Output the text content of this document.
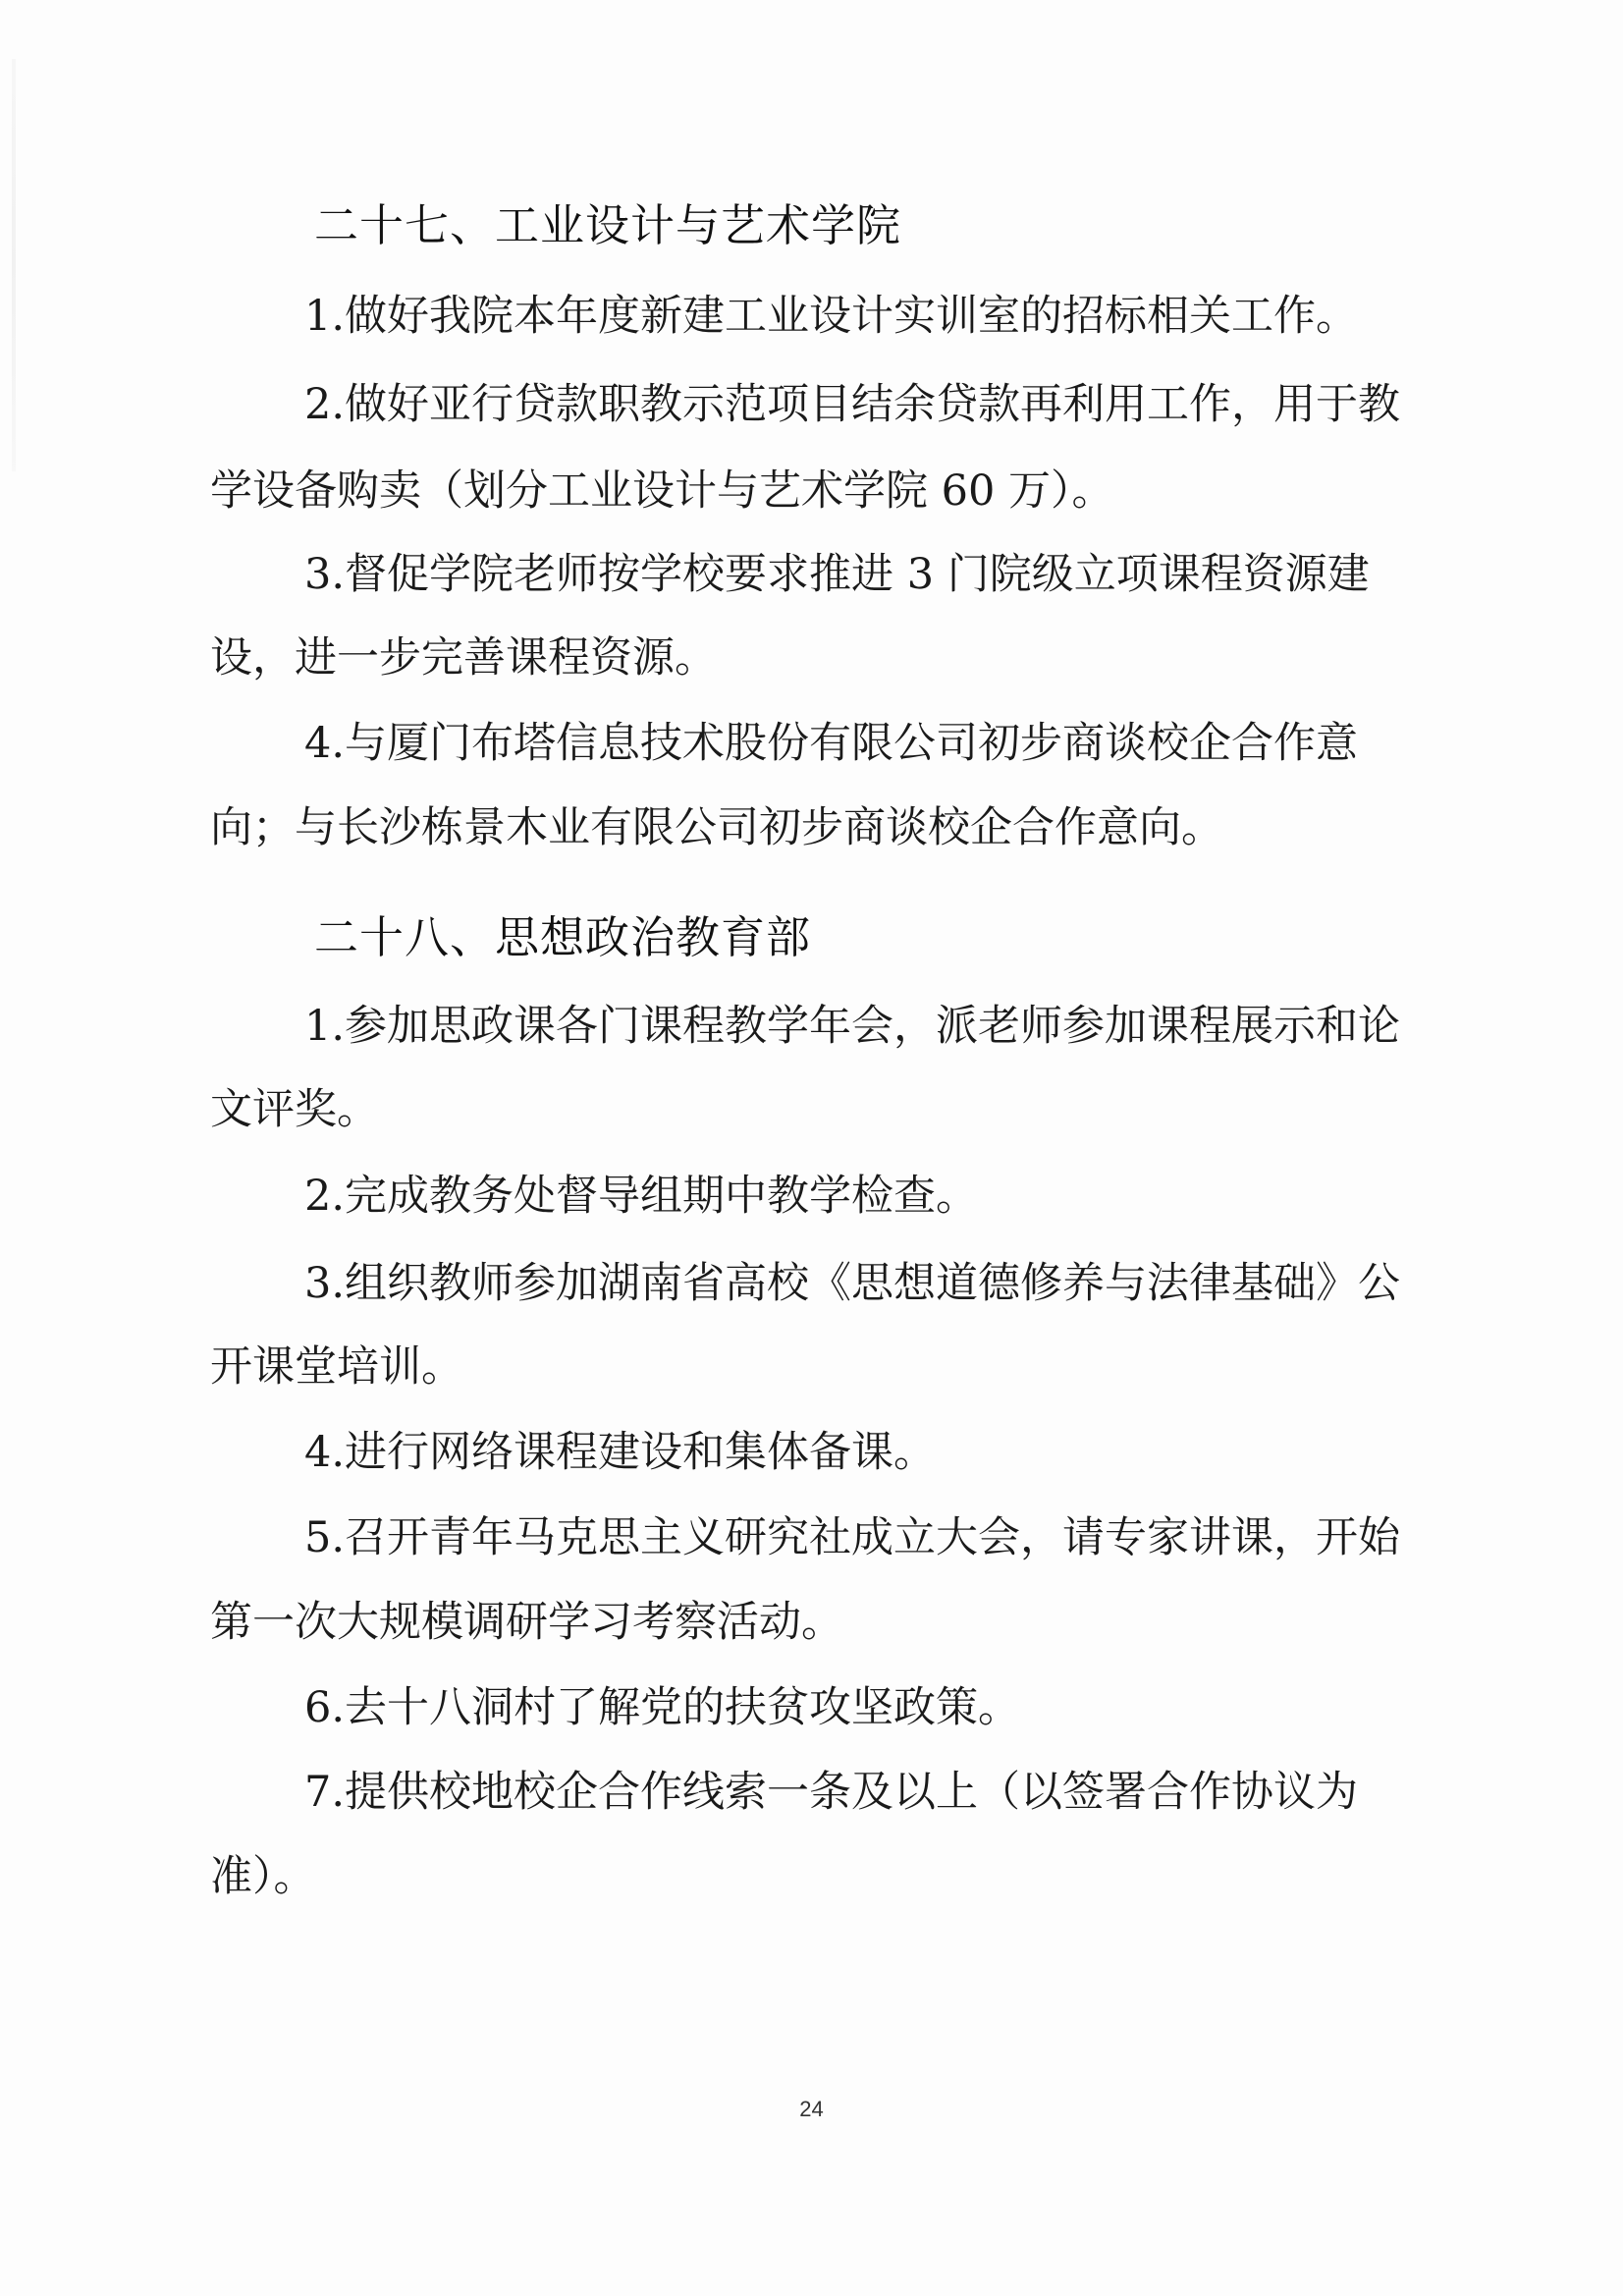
二十七、工业设计与艺术学院
1.做好我院本年度新建工业设计实训室的招标相关工作。
2.做好亚行贷款职教示范项目结余贷款再利用工作，用于教
学设备购卖（划分工业设计与艺术学院 60 万）。
3.督促学院老师按学校要求推进 3 门院级立项课程资源建
设，进一步完善课程资源。
4.与厦门布塔信息技术股份有限公司初步商谈校企合作意
向；与长沙栋景木业有限公司初步商谈校企合作意向。
二十八、思想政治教育部
1.参加思政课各门课程教学年会，派老师参加课程展示和论
文评奖。
2.完成教务处督导组期中教学检查。
3.组织教师参加湖南省高校《思想道德修养与法律基础》公
开课堂培训。
4.进行网络课程建设和集体备课。
5.召开青年马克思主义研究社成立大会，请专家讲课，开始
第一次大规模调研学习考察活动。
6.去十八洞村了解党的扶贫攻坚政策。
7.提供校地校企合作线索一条及以上（以签署合作协议为
准）。
24
